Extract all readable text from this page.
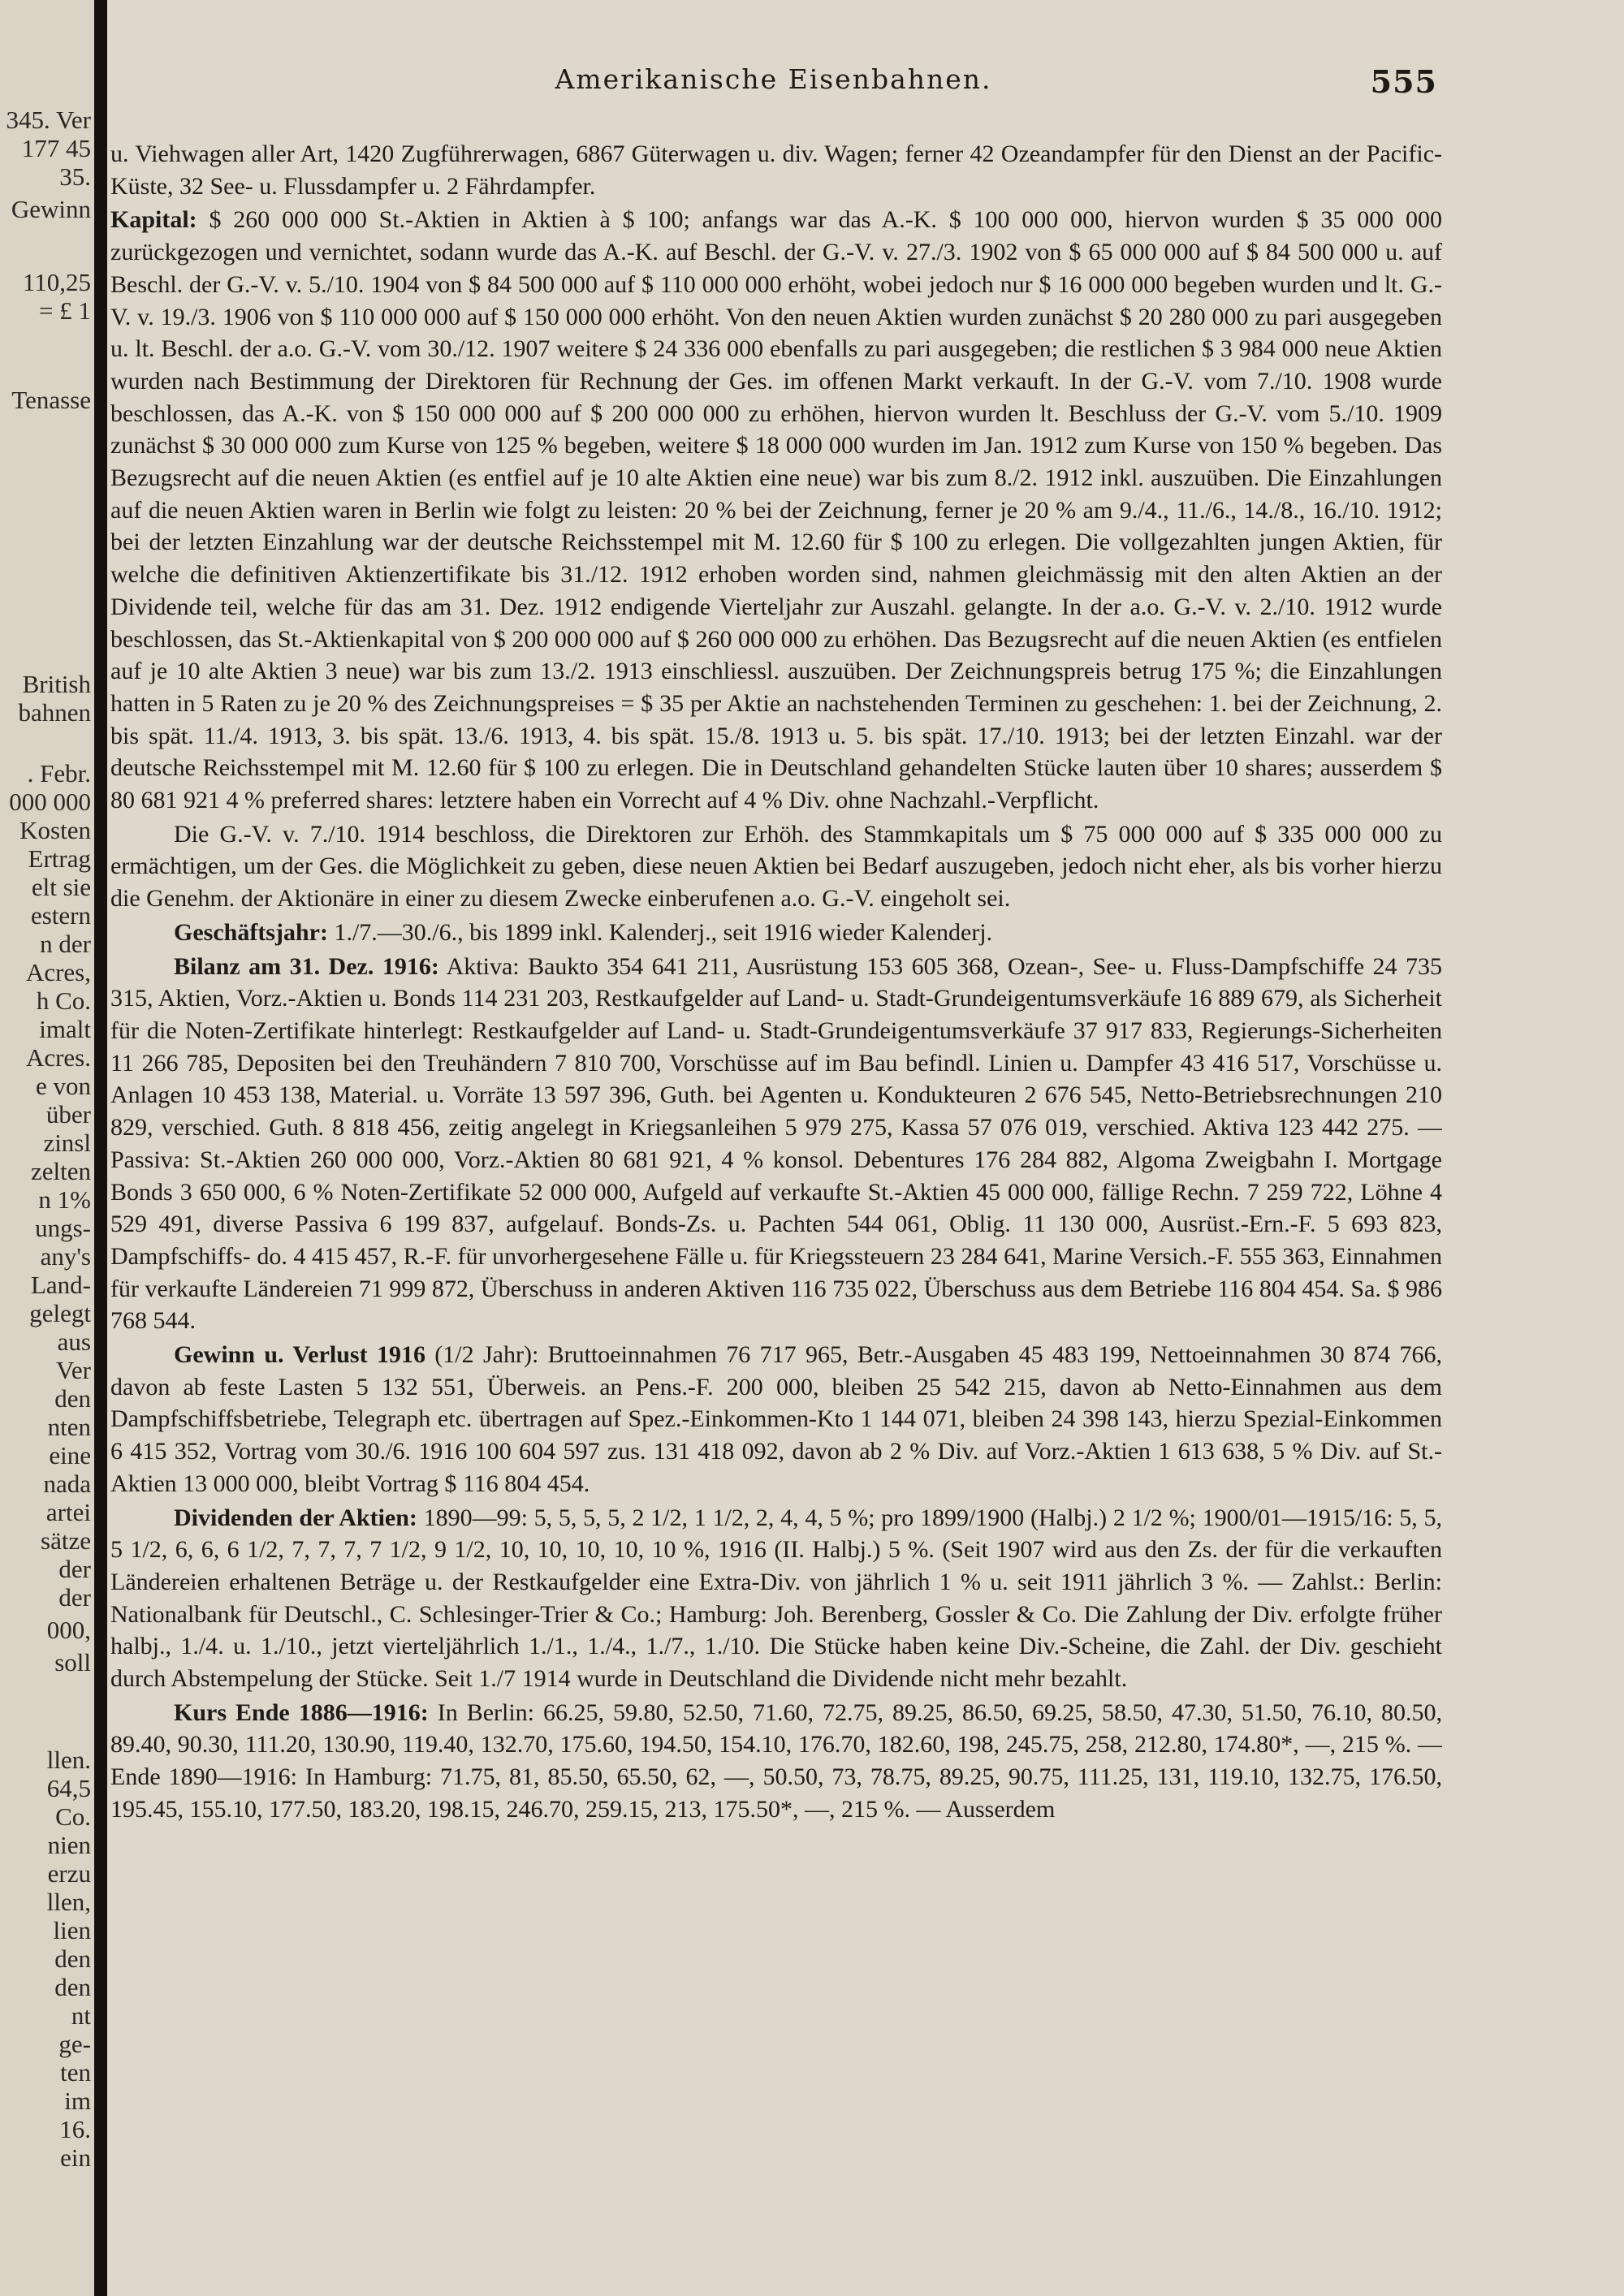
345. Ver
177 45
35.
Gewinn
110,25
= £ 1
Tenasse
British
bahnen
. Febr.
000 000
Kosten
Ertrag
elt sie
estern
n der
Acres,
h Co.
imalt
Acres.
e von
über
zinsl
zelten
n 1%
ungs-
any's
Land-
gelegt
aus
Ver
den
nten
eine
nada
artei
sätze
der
der
000,
soll
llen.
64,5
Co.
nien
erzu
llen,
lien
den
den
nt
ge-
ten
im
16.
ein
Amerikanische Eisenbahnen.	555

u. Viehwagen aller Art, 1420 Zugführerwagen, 6867 Güterwagen u. div. Wagen; ferner 42 Ozeandampfer für den Dienst an der Pacific-Küste, 32 See- u. Flussdampfer u. 2 Fährdampfer.

Kapital: $ 260 000 000 St.-Aktien in Aktien à $ 100; anfangs war das A.-K. $ 100 000 000, hiervon wurden $ 35 000 000 zurückgezogen und vernichtet, sodann wurde das A.-K. auf Beschl. der G.-V. v. 27./3. 1902 von $ 65 000 000 auf $ 84 500 000 u. auf Beschl. der G.-V. v. 5./10. 1904 von $ 84 500 000 auf $ 110 000 000 erhöht, wobei jedoch nur $ 16 000 000 begeben wurden und lt. G.-V. v. 19./3. 1906 von $ 110 000 000 auf $ 150 000 000 erhöht. Von den neuen Aktien wurden zunächst $ 20 280 000 zu pari ausgegeben u. lt. Beschl. der a.o. G.-V. vom 30./12. 1907 weitere $ 24 336 000 ebenfalls zu pari ausgegeben; die restlichen $ 3 984 000 neue Aktien wurden nach Bestimmung der Direktoren für Rechnung der Ges. im offenen Markt verkauft. In der G.-V. vom 7./10. 1908 wurde beschlossen, das A.-K. von $ 150 000 000 auf $ 200 000 000 zu erhöhen, hiervon wurden lt. Beschluss der G.-V. vom 5./10. 1909 zunächst $ 30 000 000 zum Kurse von 125 % begeben, weitere $ 18 000 000 wurden im Jan. 1912 zum Kurse von 150 % begeben. Das Bezugsrecht auf die neuen Aktien (es entfiel auf je 10 alte Aktien eine neue) war bis zum 8./2. 1912 inkl. auszuüben. Die Einzahlungen auf die neuen Aktien waren in Berlin wie folgt zu leisten: 20 % bei der Zeichnung, ferner je 20 % am 9./4., 11./6., 14./8., 16./10. 1912; bei der letzten Einzahlung war der deutsche Reichsstempel mit M. 12.60 für $ 100 zu erlegen. Die vollgezahlten jungen Aktien, für welche die definitiven Aktienzertifikate bis 31./12. 1912 erhoben worden sind, nahmen gleichmässig mit den alten Aktien an der Dividende teil, welche für das am 31. Dez. 1912 endigende Vierteljahr zur Auszahl. gelangte. In der a.o. G.-V. v. 2./10. 1912 wurde beschlossen, das St.-Aktienkapital von $ 200 000 000 auf $ 260 000 000 zu erhöhen. Das Bezugsrecht auf die neuen Aktien (es entfielen auf je 10 alte Aktien 3 neue) war bis zum 13./2. 1913 einschliessl. auszuüben. Der Zeichnungspreis betrug 175 %; die Einzahlungen hatten in 5 Raten zu je 20 % des Zeichnungspreises = $ 35 per Aktie an nachstehenden Terminen zu geschehen: 1. bei der Zeichnung, 2. bis spät. 11./4. 1913, 3. bis spät. 13./6. 1913, 4. bis spät. 15./8. 1913 u. 5. bis spät. 17./10. 1913; bei der letzten Einzahl. war der deutsche Reichsstempel mit M. 12.60 für $ 100 zu erlegen. Die in Deutschland gehandelten Stücke lauten über 10 shares; ausserdem $ 80 681 921 4 % preferred shares: letztere haben ein Vorrecht auf 4 % Div. ohne Nachzahl.-Verpflicht.

Die G.-V. v. 7./10. 1914 beschloss, die Direktoren zur Erhöh. des Stammkapitals um $ 75 000 000 auf $ 335 000 000 zu ermächtigen, um der Ges. die Möglichkeit zu geben, diese neuen Aktien bei Bedarf auszugeben, jedoch nicht eher, als bis vorher hierzu die Genehm. der Aktionäre in einer zu diesem Zwecke einberufenen a.o. G.-V. eingeholt sei.

Geschäftsjahr: 1./7.—30./6., bis 1899 inkl. Kalenderj., seit 1916 wieder Kalenderj.

Bilanz am 31. Dez. 1916: Aktiva: Baukto 354 641 211, Ausrüstung 153 605 368, Ozean-, See- u. Fluss-Dampfschiffe 24 735 315, Aktien, Vorz.-Aktien u. Bonds 114 231 203, Restkaufgelder auf Land- u. Stadt-Grundeigentumsverkäufe 16 889 679, als Sicherheit für die Noten-Zertifikate hinterlegt: Restkaufgelder auf Land- u. Stadt-Grundeigentumsverkäufe 37 917 833, Regierungs-Sicherheiten 11 266 785, Depositen bei den Treuhändern 7 810 700, Vorschüsse auf im Bau befindl. Linien u. Dampfer 43 416 517, Vorschüsse u. Anlagen 10 453 138, Material. u. Vorräte 13 597 396, Guth. bei Agenten u. Kondukteuren 2 676 545, Netto-Betriebsrechnungen 210 829, verschied. Guth. 8 818 456, zeitig angelegt in Kriegsanleihen 5 979 275, Kassa 57 076 019, verschied. Aktiva 123 442 275. — Passiva: St.-Aktien 260 000 000, Vorz.-Aktien 80 681 921, 4 % konsol. Debentures 176 284 882, Algoma Zweigbahn I. Mortgage Bonds 3 650 000, 6 % Noten-Zertifikate 52 000 000, Aufgeld auf verkaufte St.-Aktien 45 000 000, fällige Rechn. 7 259 722, Löhne 4 529 491, diverse Passiva 6 199 837, aufgelauf. Bonds-Zs. u. Pachten 544 061, Oblig. 11 130 000, Ausrüst.-Ern.-F. 5 693 823, Dampfschiffs- do. 4 415 457, R.-F. für unvorhergesehene Fälle u. für Kriegssteuern 23 284 641, Marine Versich.-F. 555 363, Einnahmen für verkaufte Ländereien 71 999 872, Überschuss in anderen Aktiven 116 735 022, Überschuss aus dem Betriebe 116 804 454. Sa. $ 986 768 544.

Gewinn u. Verlust 1916 (1/2 Jahr): Bruttoeinnahmen 76 717 965, Betr.-Ausgaben 45 483 199, Nettoeinnahmen 30 874 766, davon ab feste Lasten 5 132 551, Überweis. an Pens.-F. 200 000, bleiben 25 542 215, davon ab Netto-Einnahmen aus dem Dampfschiffsbetriebe, Telegraph etc. übertragen auf Spez.-Einkommen-Kto 1 144 071, bleiben 24 398 143, hierzu Spezial-Einkommen 6 415 352, Vortrag vom 30./6. 1916 100 604 597 zus. 131 418 092, davon ab 2 % Div. auf Vorz.-Aktien 1 613 638, 5 % Div. auf St.-Aktien 13 000 000, bleibt Vortrag $ 116 804 454.

Dividenden der Aktien: 1890—99: 5, 5, 5, 5, 2 1/2, 1 1/2, 2, 4, 4, 5 %; pro 1899/1900 (Halbj.) 2 1/2 %; 1900/01—1915/16: 5, 5, 5 1/2, 6, 6, 6 1/2, 7, 7, 7, 7 1/2, 9 1/2, 10, 10, 10, 10, 10 %, 1916 (II. Halbj.) 5 %. (Seit 1907 wird aus den Zs. der für die verkauften Ländereien erhaltenen Beträge u. der Restkaufgelder eine Extra-Div. von jährlich 1 % u. seit 1911 jährlich 3 %. — Zahlst.: Berlin: Nationalbank für Deutschl., C. Schlesinger-Trier & Co.; Hamburg: Joh. Berenberg, Gossler & Co. Die Zahlung der Div. erfolgte früher halbj., 1./4. u. 1./10., jetzt vierteljährlich 1./1., 1./4., 1./7., 1./10. Die Stücke haben keine Div.-Scheine, die Zahl. der Div. geschieht durch Abstempelung der Stücke. Seit 1./7 1914 wurde in Deutschland die Dividende nicht mehr bezahlt.

Kurs Ende 1886—1916: In Berlin: 66.25, 59.80, 52.50, 71.60, 72.75, 89.25, 86.50, 69.25, 58.50, 47.30, 51.50, 76.10, 80.50, 89.40, 90.30, 111.20, 130.90, 119.40, 132.70, 175.60, 194.50, 154.10, 176.70, 182.60, 198, 245.75, 258, 212.80, 174.80*, —, 215 %. — Ende 1890—1916: In Hamburg: 71.75, 81, 85.50, 65.50, 62, —, 50.50, 73, 78.75, 89.25, 90.75, 111.25, 131, 119.10, 132.75, 176.50, 195.45, 155.10, 177.50, 183.20, 198.15, 246.70, 259.15, 213, 175.50*, —, 215 %. — Ausserdem
